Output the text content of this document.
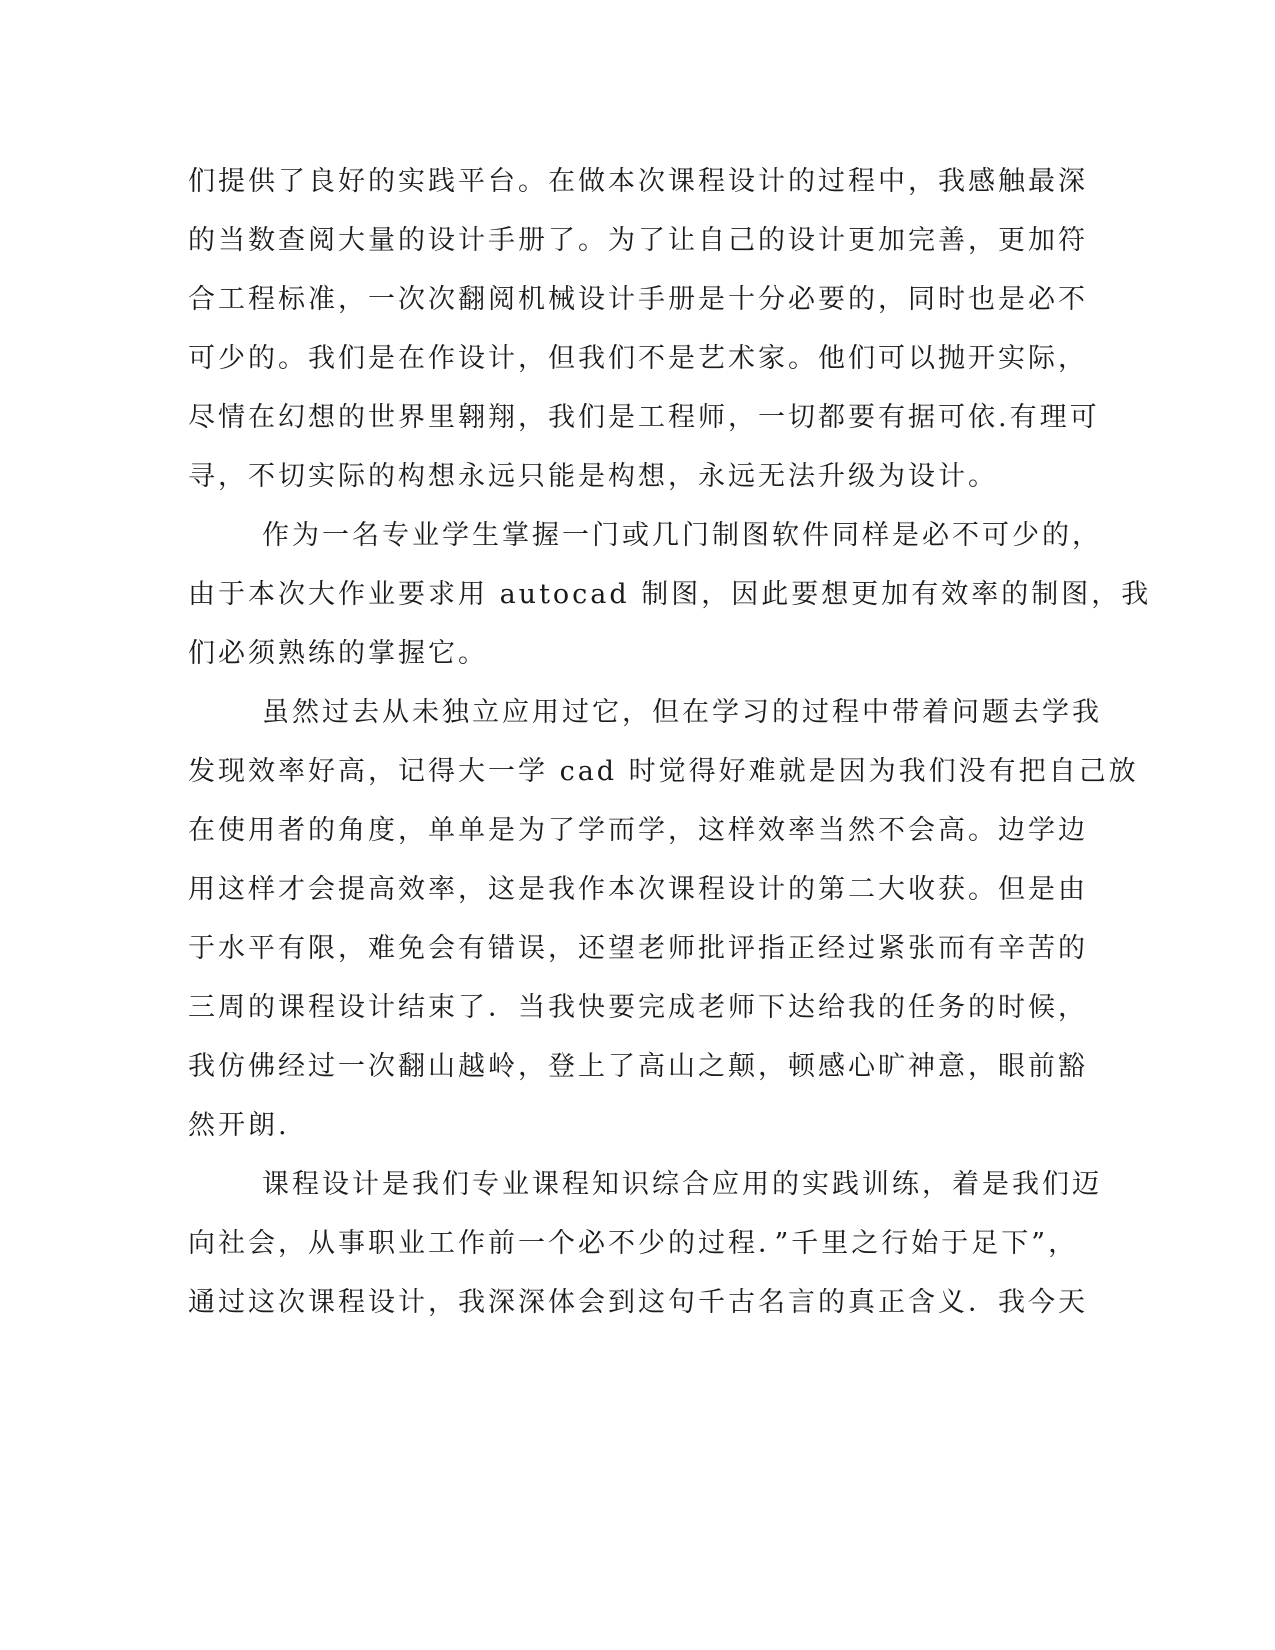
们提供了良好的实践平台。在做本次课程设计的过程中，我感触最深
的当数查阅大量的设计手册了。为了让自己的设计更加完善，更加符
合工程标准，一次次翻阅机械设计手册是十分必要的，同时也是必不
可少的。我们是在作设计，但我们不是艺术家。他们可以抛开实际，
尽情在幻想的世界里翱翔，我们是工程师，一切都要有据可依.有理可
寻，不切实际的构想永远只能是构想，永远无法升级为设计。
作为一名专业学生掌握一门或几门制图软件同样是必不可少的，
由于本次大作业要求用 autocad 制图，因此要想更加有效率的制图，我
们必须熟练的掌握它。
虽然过去从未独立应用过它，但在学习的过程中带着问题去学我
发现效率好高，记得大一学 cad 时觉得好难就是因为我们没有把自己放
在使用者的角度，单单是为了学而学，这样效率当然不会高。边学边
用这样才会提高效率，这是我作本次课程设计的第二大收获。但是由
于水平有限，难免会有错误，还望老师批评指正经过紧张而有辛苦的
三周的课程设计结束了．当我快要完成老师下达给我的任务的时候，
我仿佛经过一次翻山越岭，登上了高山之颠，顿感心旷神意，眼前豁
然开朗.
课程设计是我们专业课程知识综合应用的实践训练，着是我们迈
向社会，从事职业工作前一个必不少的过程．”千里之行始于足下”，
通过这次课程设计，我深深体会到这句千古名言的真正含义．我今天
